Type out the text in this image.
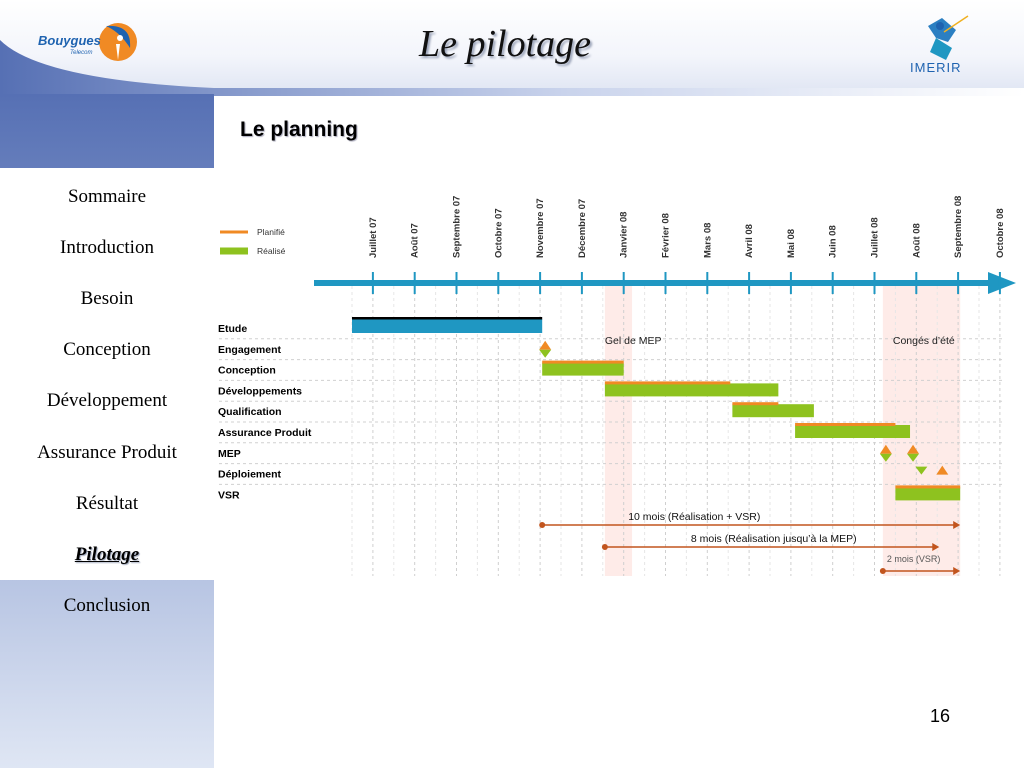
Bouygues
Telecom	Le pilotage
IMERIR
Sommaire
Introduction
Besoin
Conception
Développement
Assurance Produit
Résultat
Pilotage
Conclusion
Le planning
Planifié
Réalisé	Juillet 07	Août 07	Septembre 07	Octobre 07	Novembre 07	Décembre 07	Janvier 08	Février 08	Mars 08	Avril 08	Mai 08	Juin 08	Juillet 08	Août 08	Septembre 08	Octobre 08
Etude
Engagement
Conception
Développements
Qualification
Assurance Produit
MEP
Déploiement
VSR
Gel de MEP	Congés d’été
10 mois (Réalisation + VSR)
8 mois (Réalisation jusqu’à la MEP)
2 mois (VSR)
16
